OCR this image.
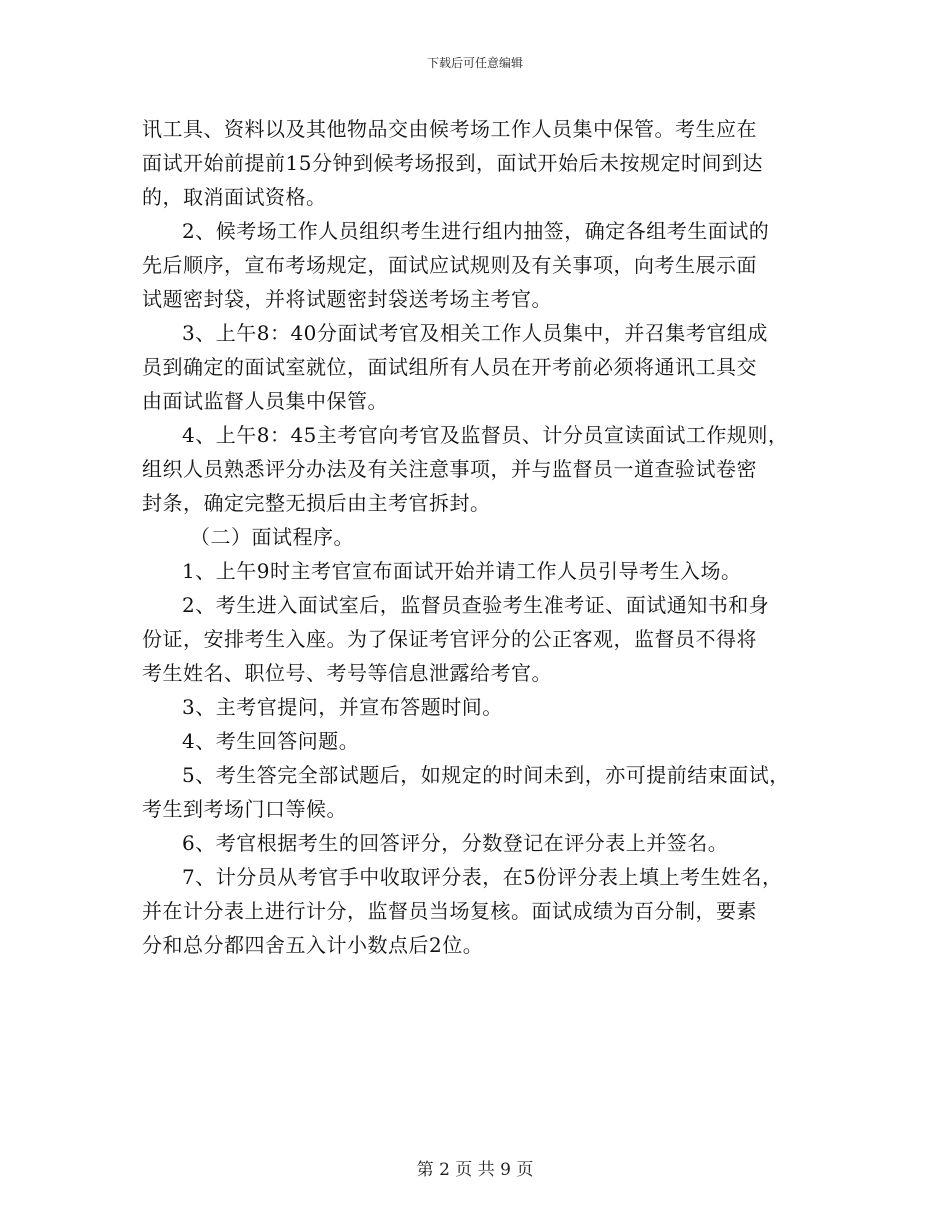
下载后可任意编辑
讯工具、资料以及其他物品交由候考场工作人员集中保管。考生应在
面试开始前提前15分钟到候考场报到，面试开始后未按规定时间到达
的，取消面试资格。
2、候考场工作人员组织考生进行组内抽签，确定各组考生面试的
先后顺序，宣布考场规定，面试应试规则及有关事项，向考生展示面
试题密封袋，并将试题密封袋送考场主考官。
3、上午8：40分面试考官及相关工作人员集中，并召集考官组成
员到确定的面试室就位，面试组所有人员在开考前必须将通讯工具交
由面试监督人员集中保管。
4、上午8：45主考官向考官及监督员、计分员宣读面试工作规则，
组织人员熟悉评分办法及有关注意事项，并与监督员一道查验试卷密
封条，确定完整无损后由主考官拆封。
（二）面试程序。
1、上午9时主考官宣布面试开始并请工作人员引导考生入场。
2、考生进入面试室后，监督员查验考生准考证、面试通知书和身
份证，安排考生入座。为了保证考官评分的公正客观，监督员不得将
考生姓名、职位号、考号等信息泄露给考官。
3、主考官提问，并宣布答题时间。
4、考生回答问题。
5、考生答完全部试题后，如规定的时间未到，亦可提前结束面试，
考生到考场门口等候。
6、考官根据考生的回答评分，分数登记在评分表上并签名。
7、计分员从考官手中收取评分表，在5份评分表上填上考生姓名，
并在计分表上进行计分，监督员当场复核。面试成绩为百分制，要素
分和总分都四舍五入计小数点后2位。
第 2 页 共 9 页
